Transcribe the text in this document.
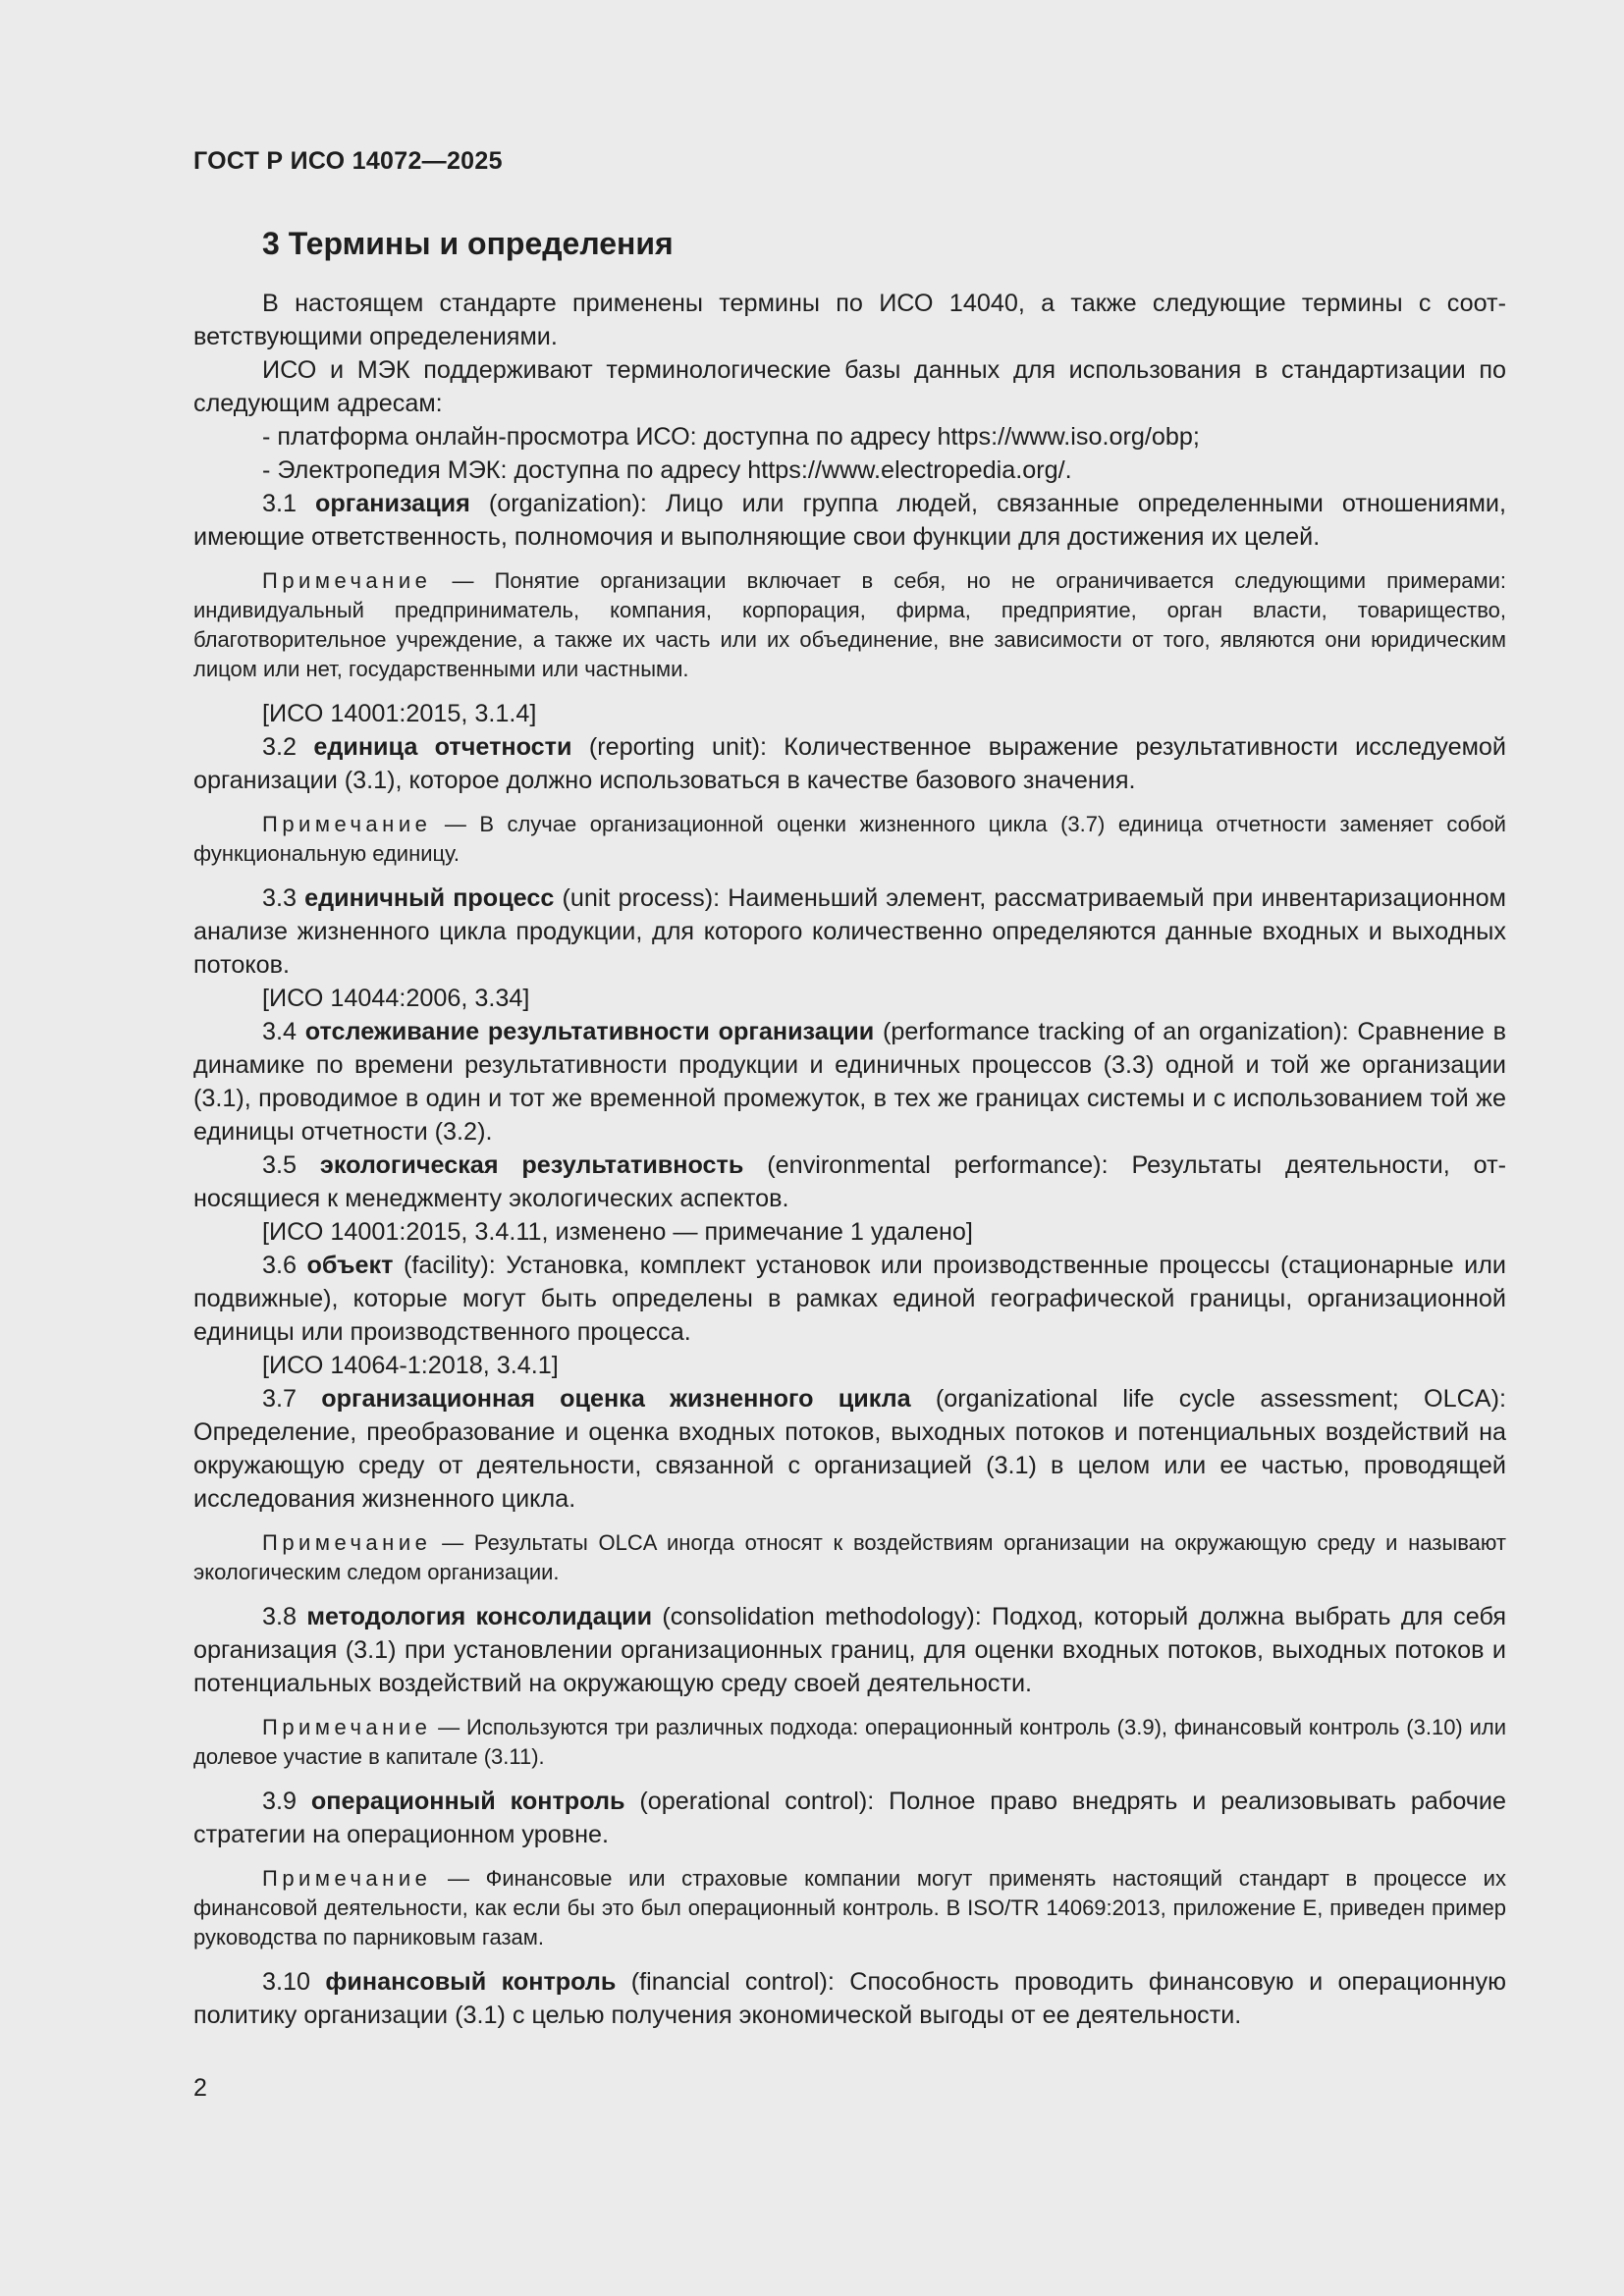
ГОСТ Р ИСО 14072—2025
3 Термины и определения

В настоящем стандарте применены термины по ИСО 14040, а также следующие термины с соответствующими определениями.

ИСО и МЭК поддерживают терминологические базы данных для использования в стандартизации по следующим адресам:

- платформа онлайн-просмотра ИСО: доступна по адресу https://www.iso.org/obp;
- Электропедия МЭК: доступна по адресу https://www.electropedia.org/.

3.1 организация (organization): Лицо или группа людей, связанные определенными отношениями, имеющие ответственность, полномочия и выполняющие свои функции для достижения их целей.

Примечание — Понятие организации включает в себя, но не ограничивается следующими примерами: индивидуальный предприниматель, компания, корпорация, фирма, предприятие, орган власти, товарищество, благотворительное учреждение, а также их часть или их объединение, вне зависимости от того, являются они юридическим лицом или нет, государственными или частными.

[ИСО 14001:2015, 3.1.4]

3.2 единица отчетности (reporting unit): Количественное выражение результативности исследуемой организации (3.1), которое должно использоваться в качестве базового значения.

Примечание — В случае организационной оценки жизненного цикла (3.7) единица отчетности заменяет собой функциональную единицу.

3.3 единичный процесс (unit process): Наименьший элемент, рассматриваемый при инвентаризационном анализе жизненного цикла продукции, для которого количественно определяются данные входных и выходных потоков.

[ИСО 14044:2006, 3.34]

3.4 отслеживание результативности организации (performance tracking of an organization): Сравнение в динамике по времени результативности продукции и единичных процессов (3.3) одной и той же организации (3.1), проводимое в один и тот же временной промежуток, в тех же границах системы и с использованием той же единицы отчетности (3.2).

3.5 экологическая результативность (environmental performance): Результаты деятельности, относящиеся к менеджменту экологических аспектов.

[ИСО 14001:2015, 3.4.11, изменено — примечание 1 удалено]

3.6 объект (facility): Установка, комплект установок или производственные процессы (стационарные или подвижные), которые могут быть определены в рамках единой географической границы, организационной единицы или производственного процесса.

[ИСО 14064-1:2018, 3.4.1]

3.7 организационная оценка жизненного цикла (organizational life cycle assessment; OLCA): Определение, преобразование и оценка входных потоков, выходных потоков и потенциальных воздействий на окружающую среду от деятельности, связанной с организацией (3.1) в целом или ее частью, проводящей исследования жизненного цикла.

Примечание — Результаты OLCA иногда относят к воздействиям организации на окружающую среду и называют экологическим следом организации.

3.8 методология консолидации (consolidation methodology): Подход, который должна выбрать для себя организация (3.1) при установлении организационных границ, для оценки входных потоков, выходных потоков и потенциальных воздействий на окружающую среду своей деятельности.

Примечание — Используются три различных подхода: операционный контроль (3.9), финансовый контроль (3.10) или долевое участие в капитале (3.11).

3.9 операционный контроль (operational control): Полное право внедрять и реализовывать рабочие стратегии на операционном уровне.

Примечание — Финансовые или страховые компании могут применять настоящий стандарт в процессе их финансовой деятельности, как если бы это был операционный контроль. В ISO/TR 14069:2013, приложение E, приведен пример руководства по парниковым газам.

3.10 финансовый контроль (financial control): Способность проводить финансовую и операционную политику организации (3.1) с целью получения экономической выгоды от ее деятельности.

2
